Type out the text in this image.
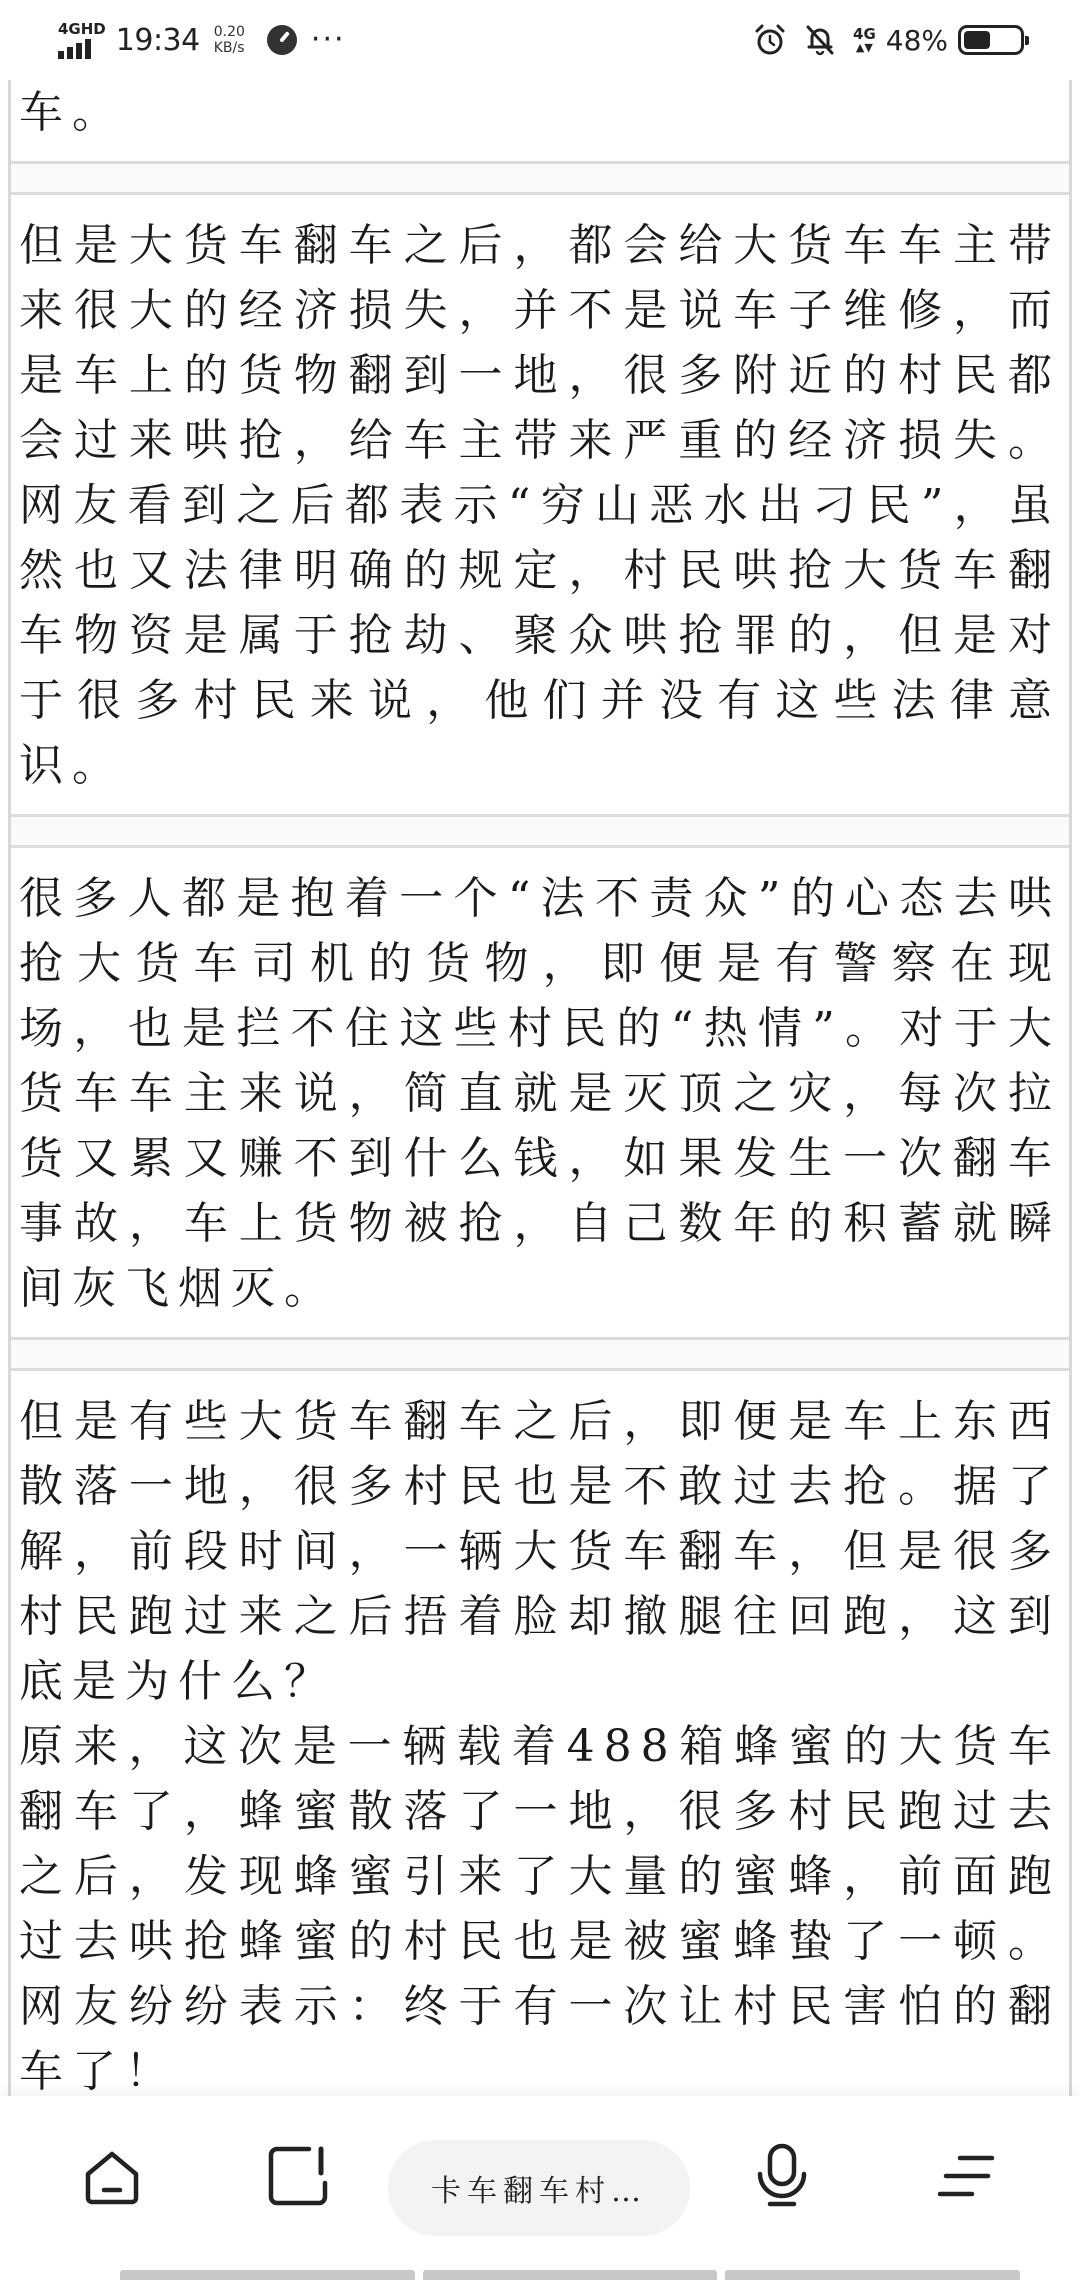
4GHD 19:34 0.20
KB/s ···	4G
▲▼ 48%

车。

但是大货车翻车之后，都会给大货车车主带来很大的经济损失，并不是说车子维修，而是车上的货物翻到一地，很多附近的村民都会过来哄抢，给车主带来严重的经济损失。网友看到之后都表示“穷山恶水出刁民”，虽然也又法律明确的规定，村民哄抢大货车翻车物资是属于抢劫、聚众哄抢罪的，但是对于很多村民来说，他们并没有这些法律意识。

很多人都是抱着一个“法不责众”的心态去哄抢大货车司机的货物，即便是有警察在现场，也是拦不住这些村民的“热情”。对于大货车车主来说，简直就是灭顶之灾，每次拉货又累又赚不到什么钱，如果发生一次翻车事故，车上货物被抢，自己数年的积蓄就瞬间灰飞烟灭。

但是有些大货车翻车之后，即便是车上东西散落一地，很多村民也是不敢过去抢。据了解，前段时间，一辆大货车翻车，但是很多村民跑过来之后捂着脸却撤腿往回跑，这到底是为什么？

原来，这次是一辆载着488箱蜂蜜的大货车翻车了，蜂蜜散落了一地，很多村民跑过去之后，发现蜂蜜引来了大量的蜜蜂，前面跑过去哄抢蜂蜜的村民也是被蜜蜂蛰了一顿。网友纷纷表示：终于有一次让村民害怕的翻车了！

卡车翻车村…
